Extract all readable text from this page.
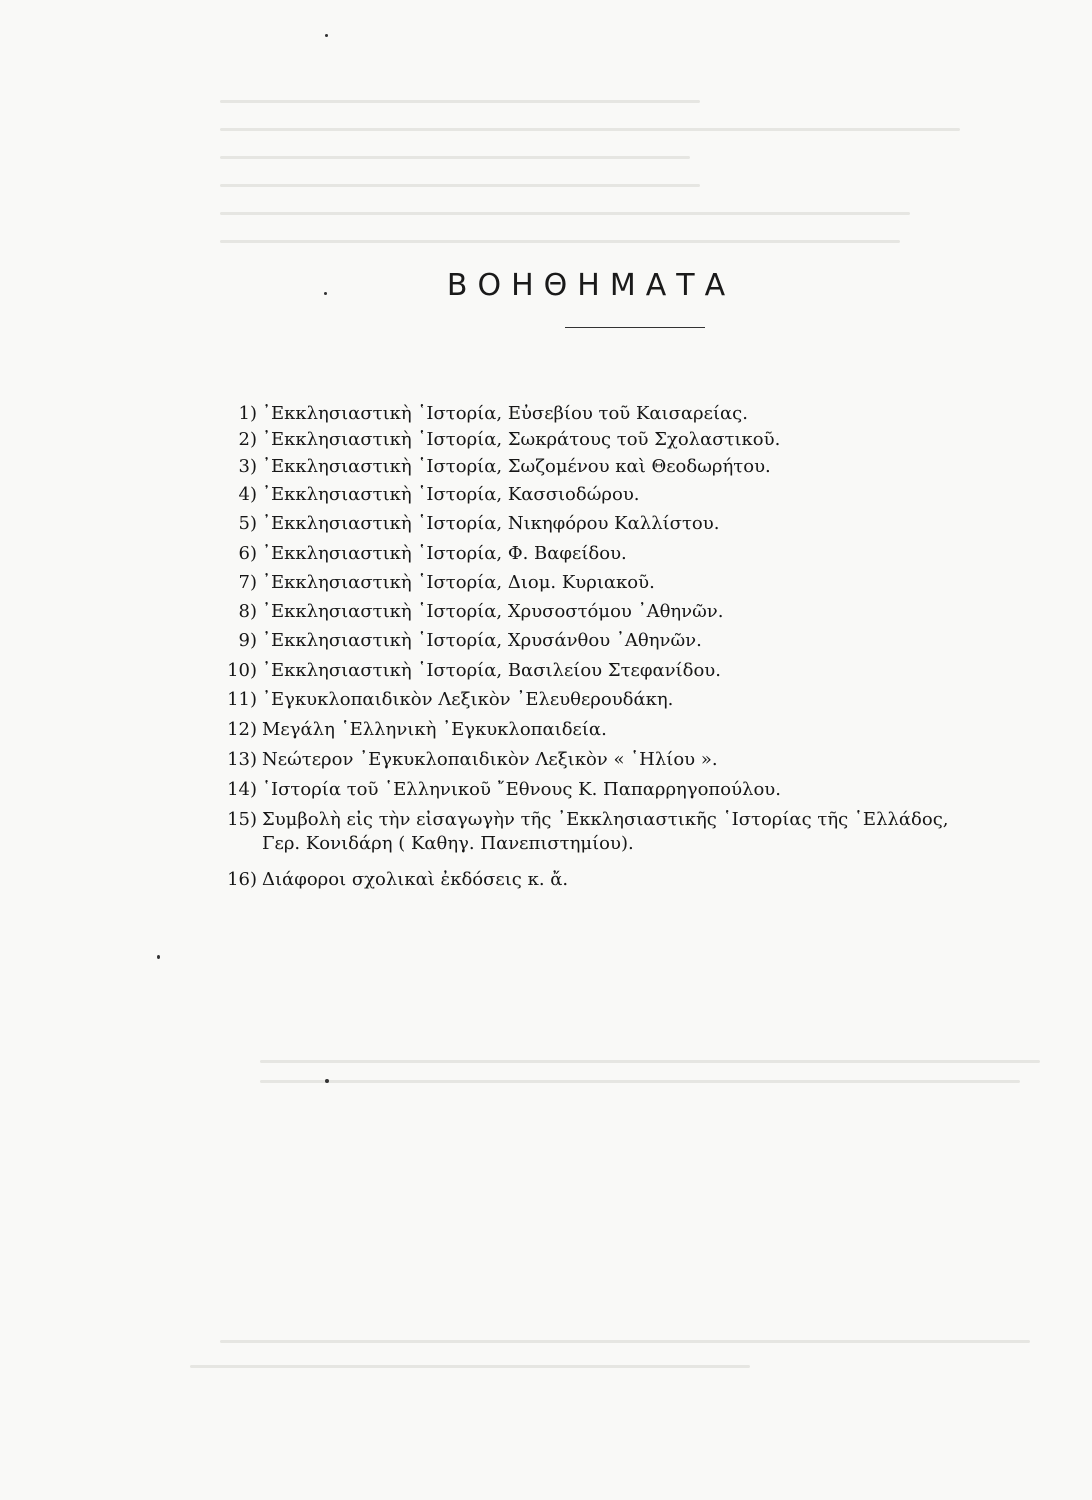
ΒΟΗΘΗΜΑΤΑ
1) ᾿Εκκλησιαστικὴ ῾Ιστορία, Εὐσεβίου τοῦ Καισαρείας.
2) ᾿Εκκλησιαστικὴ ῾Ιστορία, Σωκράτους τοῦ Σχολαστικοῦ.
3) ᾿Εκκλησιαστικὴ ῾Ιστορία, Σωζομένου καὶ Θεοδωρήτου.
4) ᾿Εκκλησιαστικὴ ῾Ιστορία, Κασσιοδώρου.
5) ᾿Εκκλησιαστικὴ ῾Ιστορία, Νικηφόρου Καλλίστου.
6) ᾿Εκκλησιαστικὴ ῾Ιστορία, Φ. Βαφείδου.
7) ᾿Εκκλησιαστικὴ ῾Ιστορία, Διομ. Κυριακοῦ.
8) ᾿Εκκλησιαστικὴ ῾Ιστορία, Χρυσοστόμου ᾿Αθηνῶν.
9) ᾿Εκκλησιαστικὴ ῾Ιστορία, Χρυσάνθου ᾿Αθηνῶν.
10) ᾿Εκκλησιαστικὴ ῾Ιστορία, Βασιλείου Στεφανίδου.
11) ᾿Εγκυκλοπαιδικὸν Λεξικὸν ᾿Ελευθερουδάκη.
12) Μεγάλη ῾Ελληνικὴ ᾿Εγκυκλοπαιδεία.
13) Νεώτερον ᾿Εγκυκλοπαιδικὸν Λεξικὸν « ῾Ηλίου ».
14) ῾Ιστορία τοῦ ῾Ελληνικοῦ ῎Εθνους Κ. Παπαρρηγοπούλου.
15) Συμβολὴ εἰς τὴν εἰσαγωγὴν τῆς ᾿Εκκλησιαστικῆς ῾Ιστορίας τῆς ῾Ελλάδος,
Γερ. Κονιδάρη ( Καθηγ. Πανεπιστημίου).
16) Διάφοροι σχολικαὶ ἐκδόσεις κ. ἄ.
